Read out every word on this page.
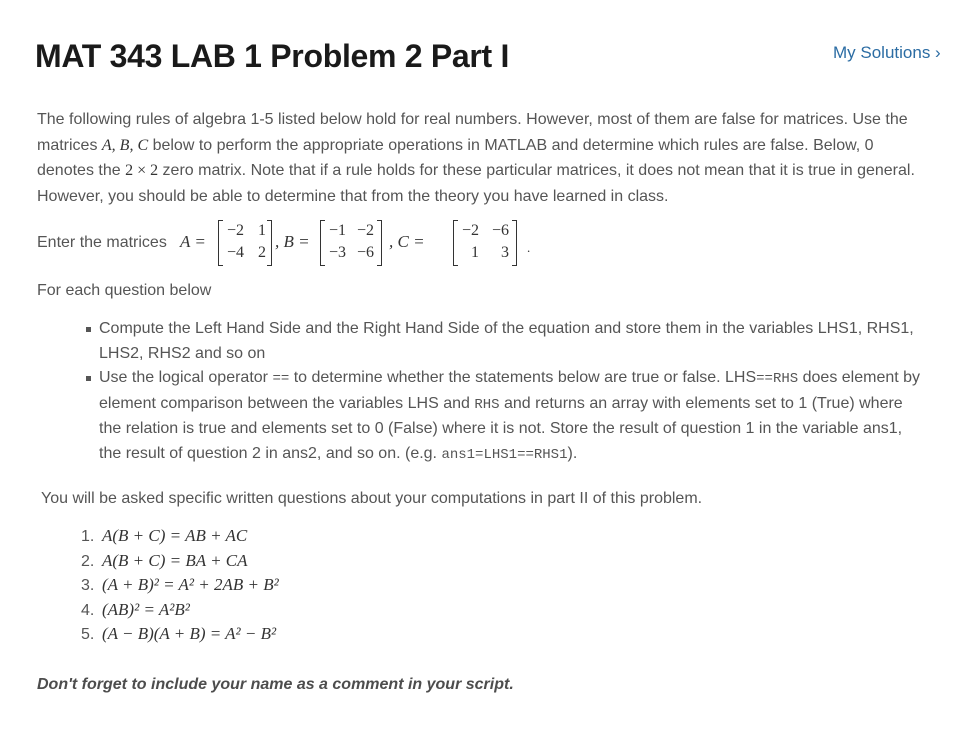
MAT 343 LAB 1 Problem 2 Part I	My Solutions ›
The following rules of algebra 1-5 listed below hold for real numbers. However, most of them are false for matrices. Use the matrices A, B, C below to perform the appropriate operations in MATLAB and determine which rules are false. Below, 0 denotes the 2 × 2 zero matrix. Note that if a rule holds for these particular matrices, it does not mean that it is true in general. However, you should be able to determine that from the theory you have learned in class.
Enter the matrices A =
−2 1
−4 2
, B =
−1 −2
−3 −6
, C =
−2 −6
1	3 .
For each question below
Compute the Left Hand Side and the Right Hand Side of the equation and store them in the variables LHS1, RHS1, LHS2, RHS2 and so on
Use the logical operator == to determine whether the statements below are true or false. LHS==RHS does element by element comparison between the variables LHS and RHS and returns an array with elements set to 1 (True) where the relation is true and elements set to 0 (False) where it is not. Store the result of question 1 in the variable ans1, the result of question 2 in ans2, and so on. (e.g. ans1=LHS1==RHS1).
You will be asked specific written questions about your computations in part II of this problem.
1. A(B + C) = AB + AC
2. A(B + C) = BA + CA
3. (A + B)² = A² + 2AB + B²
4. (AB)² = A²B²
5. (A − B)(A + B) = A² − B²
Don't forget to include your name as a comment in your script.
